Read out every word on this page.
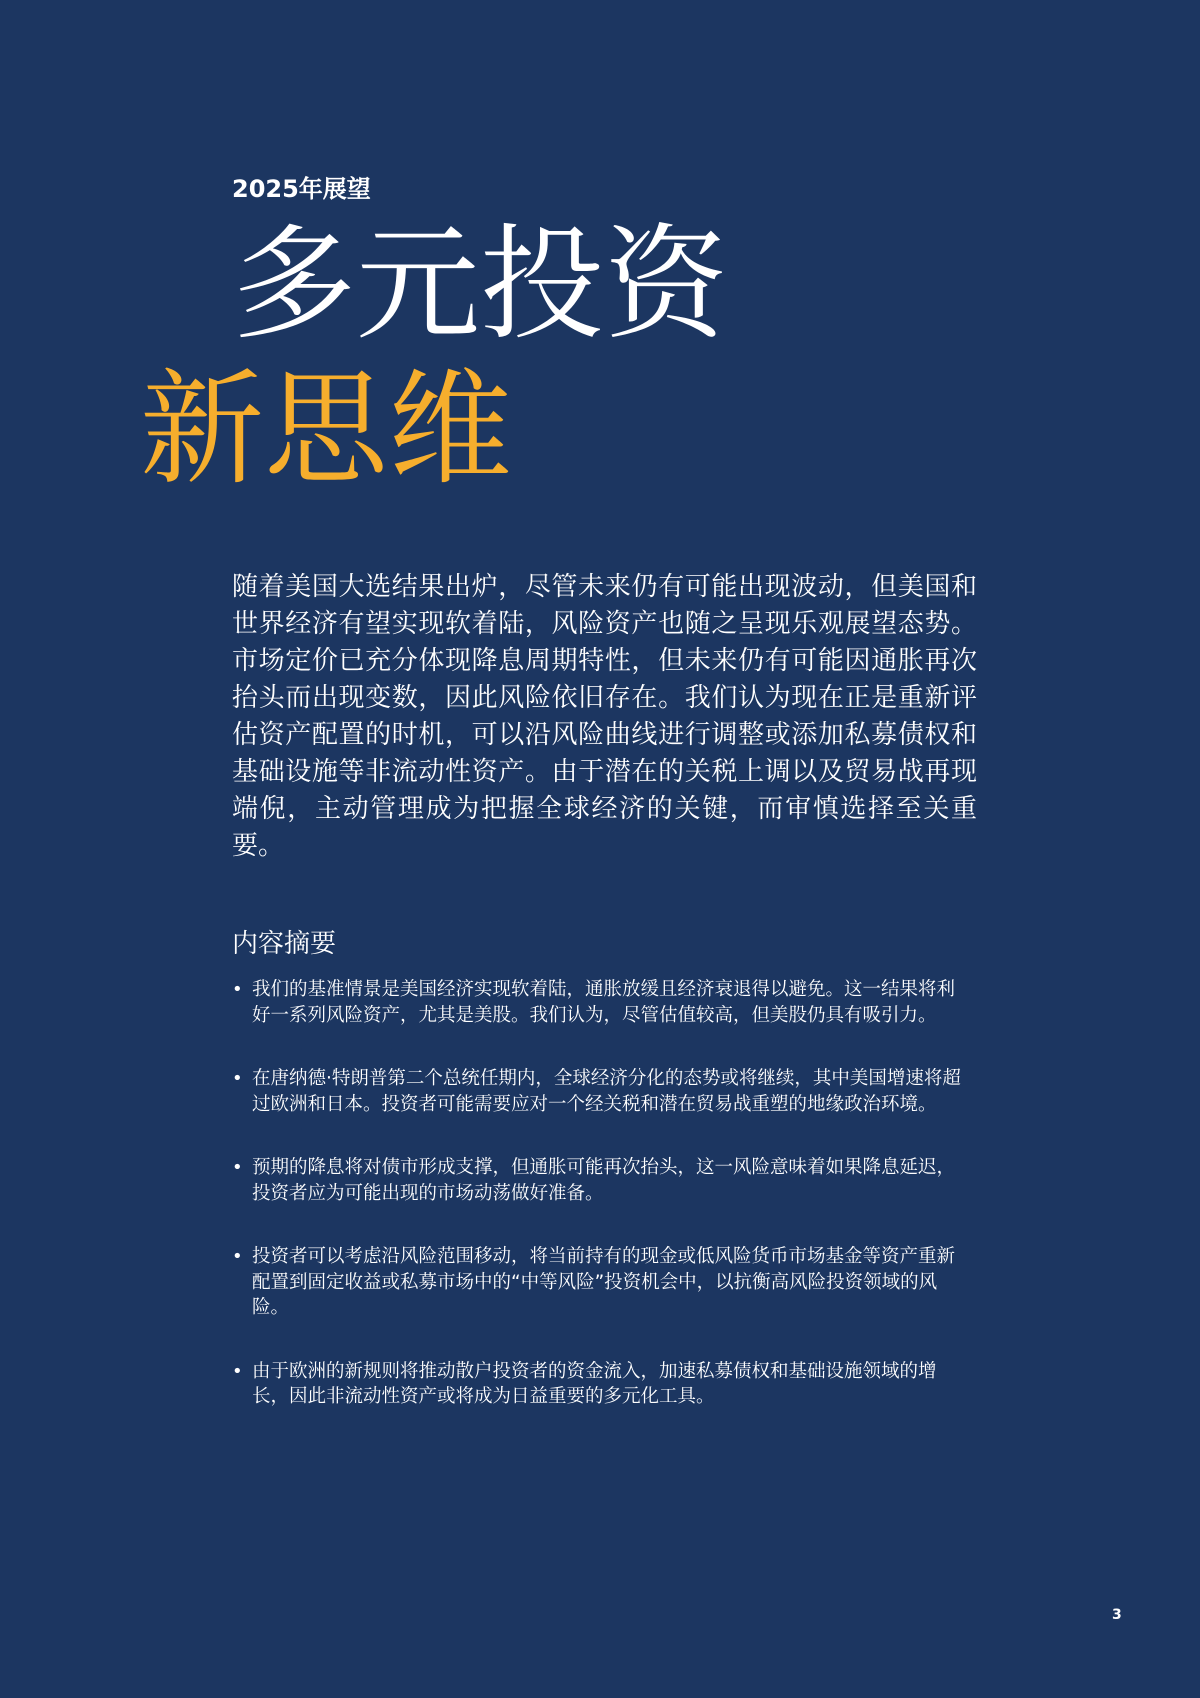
2025年展望
多元投资
新思维

随着美国大选结果出炉，尽管未来仍有可能出现波动，但美国和世界经济有望实现软着陆，风险资产也随之呈现乐观展望态势。市场定价已充分体现降息周期特性，但未来仍有可能因通胀再次抬头而出现变数，因此风险依旧存在。我们认为现在正是重新评估资产配置的时机，可以沿风险曲线进行调整或添加私募债权和基础设施等非流动性资产。由于潜在的关税上调以及贸易战再现端倪，主动管理成为把握全球经济的关键，而审慎选择至关重要。

内容摘要
• 我们的基准情景是美国经济实现软着陆，通胀放缓且经济衰退得以避免。这一结果将利好一系列风险资产，尤其是美股。我们认为，尽管估值较高，但美股仍具有吸引力。
• 在唐纳德·特朗普第二个总统任期内，全球经济分化的态势或将继续，其中美国增速将超过欧洲和日本。投资者可能需要应对一个经关税和潜在贸易战重塑的地缘政治环境。
• 预期的降息将对债市形成支撑，但通胀可能再次抬头，这一风险意味着如果降息延迟，投资者应为可能出现的市场动荡做好准备。
• 投资者可以考虑沿风险范围移动，将当前持有的现金或低风险货币市场基金等资产重新配置到固定收益或私募市场中的“中等风险”投资机会中，以抗衡高风险投资领域的风险。
• 由于欧洲的新规则将推动散户投资者的资金流入，加速私募债权和基础设施领域的增长，因此非流动性资产或将成为日益重要的多元化工具。
3
